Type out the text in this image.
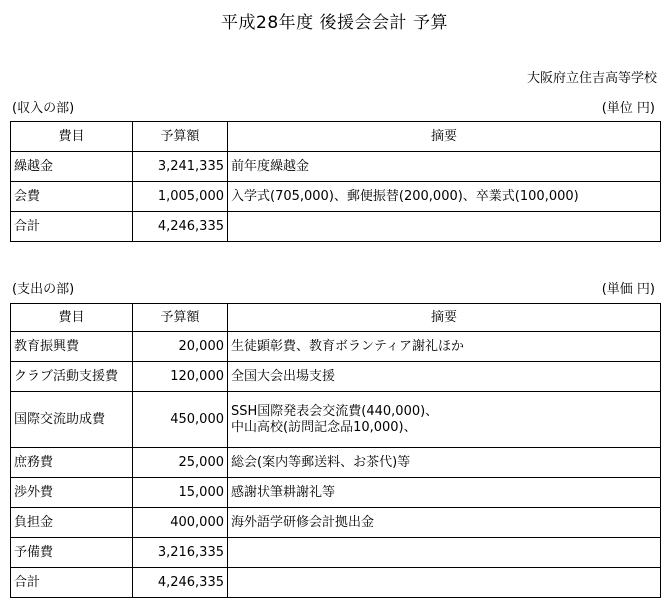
平成28年度 後援会会計 予算
大阪府立住吉高等学校
(収入の部)	(単位 円)
費目	予算額	摘要
繰越金	3,241,335	前年度繰越金
会費	1,005,000	入学式(705,000)、郵便振替(200,000)、卒業式(100,000)
合計	4,246,335	
(支出の部)	(単価 円)
費目	予算額	摘要
教育振興費	20,000	生徒顕彰費、教育ボランティア謝礼ほか
クラブ活動支援費	120,000	全国大会出場支援
国際交流助成費	450,000	SSH国際発表会交流費(440,000)、
中山高校(訪問記念品10,000)、

庶務費	25,000	総会(案内等郵送料、お茶代)等
渉外費	15,000	感謝状筆耕謝礼等
負担金	400,000	海外語学研修会計拠出金
予備費	3,216,335	
合計	4,246,335	
